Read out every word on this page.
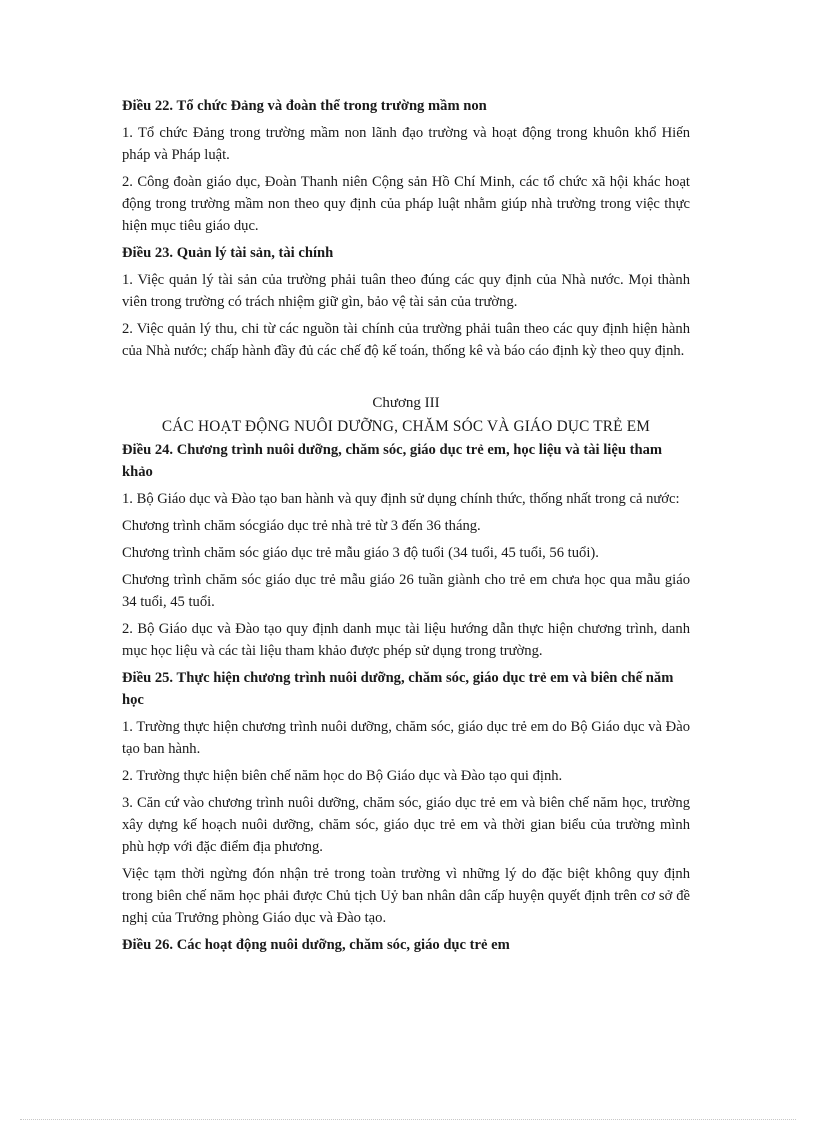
Điều 22. Tổ chức Đảng và đoàn thể trong trường mầm non
1. Tổ chức Đảng trong trường mầm non lãnh đạo trường và hoạt động trong khuôn khổ Hiến pháp và Pháp luật.
2. Công đoàn giáo dục, Đoàn Thanh niên Cộng sản Hồ Chí Minh, các tổ chức xã hội khác hoạt động trong trường mầm non theo quy định của pháp luật nhằm giúp nhà trường trong việc thực hiện mục tiêu giáo dục.
Điều 23. Quản lý tài sản, tài chính
1. Việc quản lý tài sản của trường phải tuân theo đúng các quy định của Nhà nước. Mọi thành viên trong trường có trách nhiệm giữ gìn, bảo vệ tài sản của trường.
2. Việc quản lý thu, chi từ các nguồn tài chính của trường phải tuân theo các quy định hiện hành của Nhà nước; chấp hành đầy đủ các chế độ kế toán, thống kê và báo cáo định kỳ theo quy định.
Chương III
CÁC HOẠT ĐỘNG NUÔI DƯỠNG, CHĂM SÓC VÀ GIÁO DỤC TRẺ EM
Điều 24. Chương trình nuôi dưỡng, chăm sóc, giáo dục trẻ em, học liệu và tài liệu tham khảo
1. Bộ Giáo dục và Đào tạo ban hành và quy định sử dụng chính thức, thống nhất trong cả nước:
Chương trình chăm sócgiáo dục trẻ nhà trẻ từ 3 đến 36 tháng.
Chương trình chăm sóc giáo dục trẻ mẫu giáo 3 độ tuổi (34 tuổi, 45 tuổi, 56 tuổi).
Chương trình chăm sóc giáo dục trẻ mẫu giáo 26 tuần giành cho trẻ em chưa học qua mẫu giáo 34 tuổi, 45 tuổi.
2. Bộ Giáo dục và Đào tạo quy định danh mục tài liệu hướng dẫn thực hiện chương trình, danh mục học liệu và các tài liệu tham khảo được phép sử dụng trong trường.
Điều 25. Thực hiện chương trình nuôi dưỡng, chăm sóc, giáo dục trẻ em và biên chế năm học
1. Trường thực hiện chương trình nuôi dưỡng, chăm sóc, giáo dục trẻ em do Bộ Giáo dục và Đào tạo ban hành.
2. Trường thực hiện biên chế năm học do Bộ Giáo dục và Đào tạo qui định.
3. Căn cứ vào chương trình nuôi dưỡng, chăm sóc, giáo dục trẻ em và biên chế năm học, trường xây dựng kế hoạch nuôi dưỡng, chăm sóc, giáo dục trẻ em và thời gian biểu của trường mình phù hợp với đặc điểm địa phương.
Việc tạm thời ngừng đón nhận trẻ trong toàn trường vì những lý do đặc biệt không quy định trong biên chế năm học phải được Chủ tịch Uỷ ban nhân dân cấp huyện quyết định trên cơ sở đề nghị của Trưởng phòng Giáo dục và Đào tạo.
Điều 26. Các hoạt động nuôi dưỡng, chăm sóc, giáo dục trẻ em
